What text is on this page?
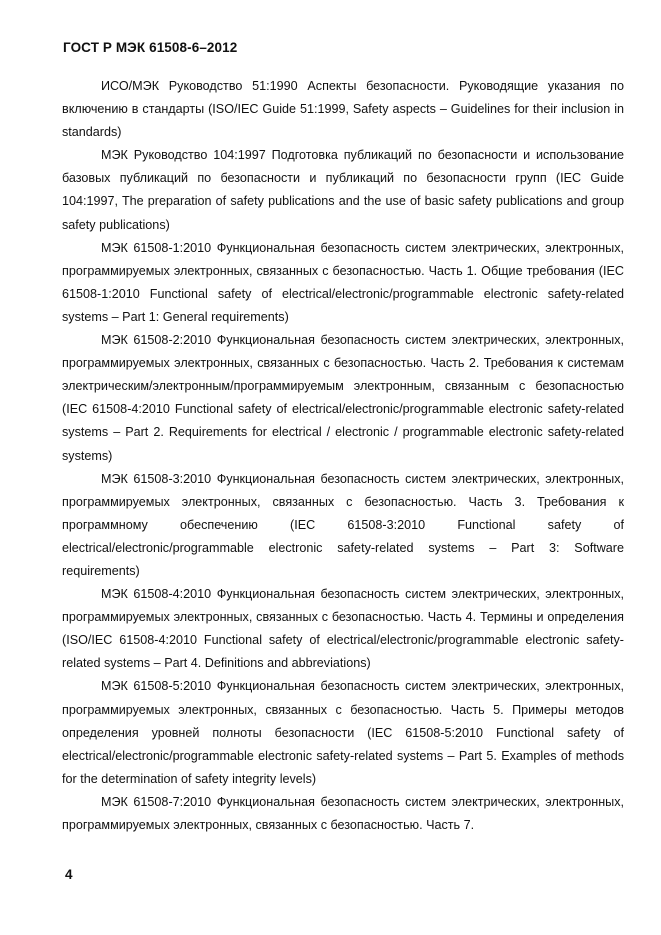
ГОСТ Р МЭК 61508-6–2012

ИСО/МЭК Руководство 51:1990 Аспекты безопасности. Руководящие указания по включению в стандарты (ISO/IEC Guide 51:1999, Safety aspects – Guidelines for their inclusion in standards)

МЭК Руководство 104:1997 Подготовка публикаций по безопасности и использование базовых публикаций по безопасности и публикаций по безопасности групп (IEC Guide 104:1997, The preparation of safety publications and the use of basic safety publications and group safety publications)

МЭК 61508-1:2010 Функциональная безопасность систем электрических, электронных, программируемых электронных, связанных с безопасностью. Часть 1. Общие требования (IEC 61508-1:2010 Functional safety of electrical/electronic/programmable electronic safety-related systems – Part 1: General requirements)

МЭК 61508-2:2010 Функциональная безопасность систем электрических, электронных, программируемых электронных, связанных с безопасностью. Часть 2. Требования к системам электрическим/электронным/программируемым электронным, связанным с безопасностью (IEC 61508-4:2010 Functional safety of electrical/electronic/programmable electronic safety-related systems – Part 2. Requirements for electrical / electronic / programmable electronic safety-related systems)

МЭК 61508-3:2010 Функциональная безопасность систем электрических, электронных, программируемых электронных, связанных с безопасностью. Часть 3. Требования к программному обеспечению (IEC 61508-3:2010 Functional safety of electrical/electronic/programmable electronic safety-related systems – Part 3: Software requirements)

МЭК 61508-4:2010 Функциональная безопасность систем электрических, электронных, программируемых электронных, связанных с безопасностью. Часть 4. Термины и определения (ISO/IEC 61508-4:2010 Functional safety of electrical/electronic/programmable electronic safety-related systems – Part 4. Definitions and abbreviations)

МЭК 61508-5:2010 Функциональная безопасность систем электрических, электронных, программируемых электронных, связанных с безопасностью. Часть 5. Примеры методов определения уровней полноты безопасности (IEC 61508-5:2010 Functional safety of electrical/electronic/programmable electronic safety-related systems – Part 5. Examples of methods for the determination of safety integrity levels)

МЭК 61508-7:2010 Функциональная безопасность систем электрических, электронных, программируемых электронных, связанных с безопасностью. Часть 7.

4
